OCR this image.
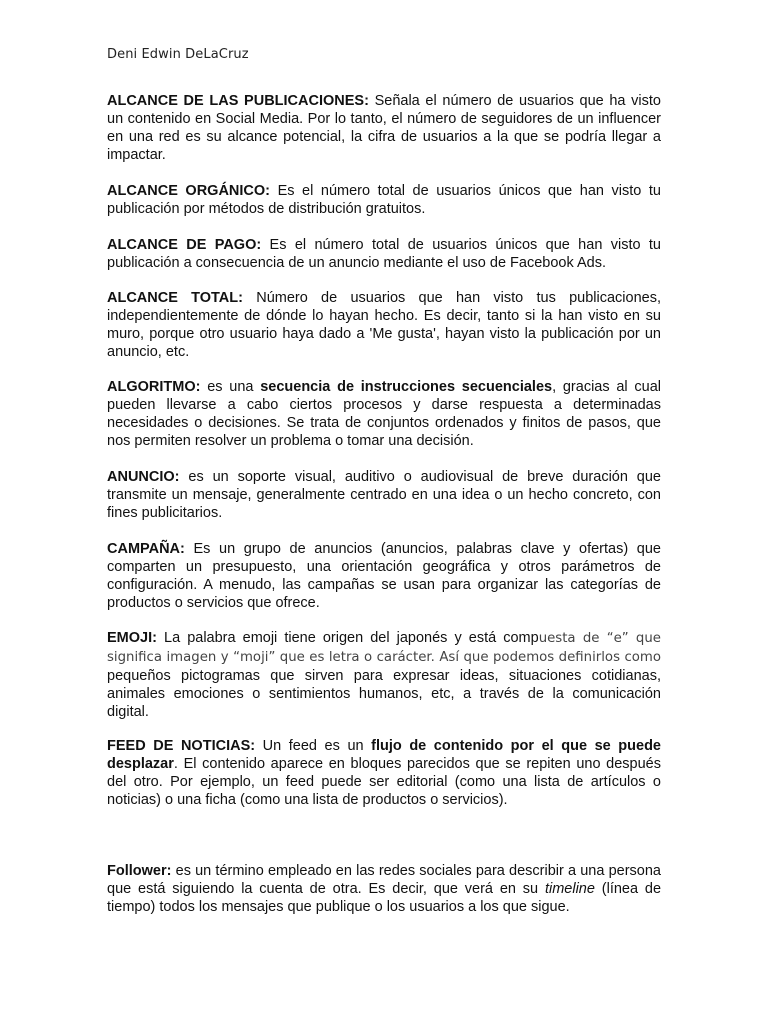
Deni Edwin DeLaCruz

ALCANCE DE LAS PUBLICACIONES: Señala el número de usuarios que ha visto un contenido en Social Media. Por lo tanto, el número de seguidores de un influencer en una red es su alcance potencial, la cifra de usuarios a la que se podría llegar a impactar.

ALCANCE ORGÁNICO: Es el número total de usuarios únicos que han visto tu publicación por métodos de distribución gratuitos.

ALCANCE DE PAGO: Es el número total de usuarios únicos que han visto tu publicación a consecuencia de un anuncio mediante el uso de Facebook Ads.

ALCANCE TOTAL: Número de usuarios que han visto tus publicaciones, independientemente de dónde lo hayan hecho. Es decir, tanto si la han visto en su muro, porque otro usuario haya dado a 'Me gusta', hayan visto la publicación por un anuncio, etc.

ALGORITMO: es una secuencia de instrucciones secuenciales, gracias al cual pueden llevarse a cabo ciertos procesos y darse respuesta a determinadas necesidades o decisiones. Se trata de conjuntos ordenados y finitos de pasos, que nos permiten resolver un problema o tomar una decisión.

ANUNCIO: es un soporte visual, auditivo o audiovisual de breve duración que transmite un mensaje, generalmente centrado en una idea o un hecho concreto, con fines publicitarios.

CAMPAÑA: Es un grupo de anuncios (anuncios, palabras clave y ofertas) que comparten un presupuesto, una orientación geográfica y otros parámetros de configuración. A menudo, las campañas se usan para organizar las categorías de productos o servicios que ofrece.

EMOJI: La palabra emoji tiene origen del japonés y está compuesta de “e” que significa imagen y “moji” que es letra o carácter. Así que podemos definirlos como pequeños pictogramas que sirven para expresar ideas, situaciones cotidianas, animales emociones o sentimientos humanos, etc, a través de la comunicación digital.

FEED DE NOTICIAS: Un feed es un flujo de contenido por el que se puede desplazar. El contenido aparece en bloques parecidos que se repiten uno después del otro. Por ejemplo, un feed puede ser editorial (como una lista de artículos o noticias) o una ficha (como una lista de productos o servicios).

Follower: es un término empleado en las redes sociales para describir a una persona que está siguiendo la cuenta de otra. Es decir, que verá en su timeline (línea de tiempo) todos los mensajes que publique o los usuarios a los que sigue.
